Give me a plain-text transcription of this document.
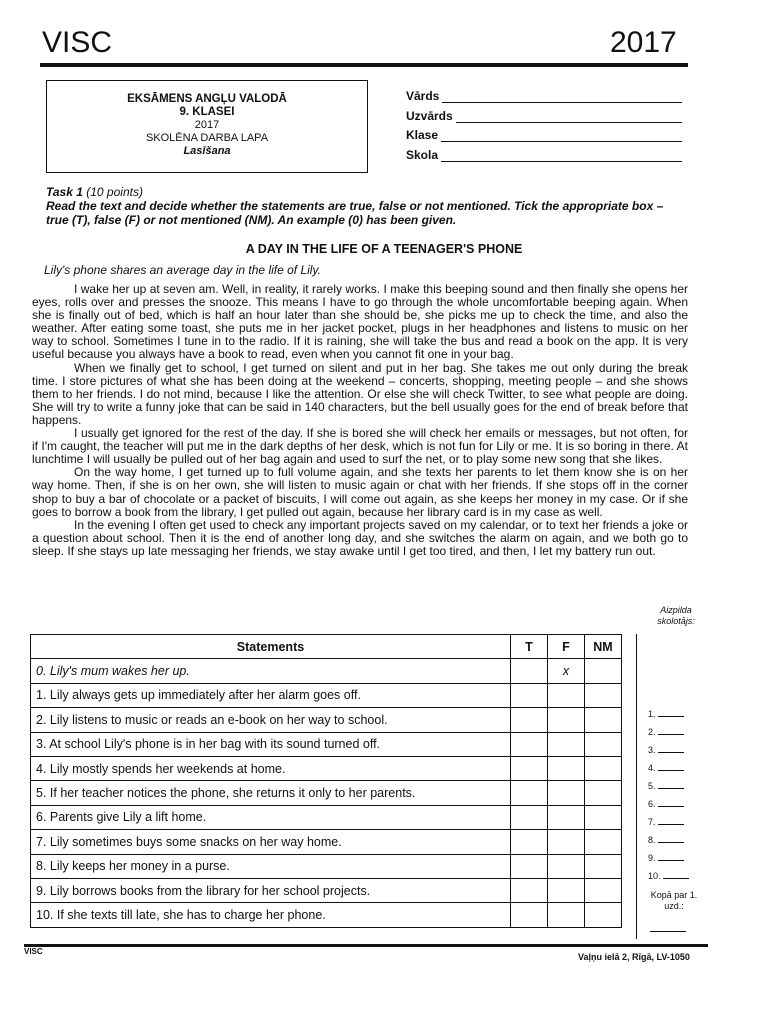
VISC	2017
EKSĀMENS ANGĻU VALODĀ
9. KLASEI
2017
SKOLĒNA DARBA LAPA
Lasīšana
Vārds
Uzvārds
Klase
Skola
Task 1 (10 points)
Read the text and decide whether the statements are true, false or not mentioned. Tick the appropriate box – true (T), false (F) or not mentioned (NM). An example (0) has been given.
A DAY IN THE LIFE OF A TEENAGER'S PHONE
Lily's phone shares an average day in the life of Lily.

I wake her up at seven am. Well, in reality, it rarely works. I make this beeping sound and then finally she opens her eyes, rolls over and presses the snooze. This means I have to go through the whole uncomfortable beeping again. When she is finally out of bed, which is half an hour later than she should be, she picks me up to check the time, and also the weather. After eating some toast, she puts me in her jacket pocket, plugs in her headphones and listens to music on her way to school. Sometimes I tune in to the radio. If it is raining, she will take the bus and read a book on the app. It is very useful because you always have a book to read, even when you cannot fit one in your bag.

When we finally get to school, I get turned on silent and put in her bag. She takes me out only during the break time. I store pictures of what she has been doing at the weekend – concerts, shopping, meeting people – and she shows them to her friends. I do not mind, because I like the attention. Or else she will check Twitter, to see what people are doing. She will try to write a funny joke that can be said in 140 characters, but the bell usually goes for the end of break before that happens.

I usually get ignored for the rest of the day. If she is bored she will check her emails or messages, but not often, for if I'm caught, the teacher will put me in the dark depths of her desk, which is not fun for Lily or me. It is so boring in there. At lunchtime I will usually be pulled out of her bag again and used to surf the net, or to play some new song that she likes.

On the way home, I get turned up to full volume again, and she texts her parents to let them know she is on her way home. Then, if she is on her own, she will listen to music again or chat with her friends. If she stops off in the corner shop to buy a bar of chocolate or a packet of biscuits, I will come out again, as she keeps her money in my case. Or if she goes to borrow a book from the library, I get pulled out again, because her library card is in my case as well.

In the evening I often get used to check any important projects saved on my calendar, or to text her friends a joke or a question about school. Then it is the end of another long day, and she switches the alarm on again, and we both go to sleep. If she stays up late messaging her friends, we stay awake until I get too tired, and then, I let my battery run out.

Aizpilda skolotājs:
Statements	T	F	NM
0. Lily's mum wakes her up.		x	
1. Lily always gets up immediately after her alarm goes off.			
2. Lily listens to music or reads an e-book on her way to school.			
3. At school Lily's phone is in her bag with its sound turned off.			
4. Lily mostly spends her weekends at home.			
5. If her teacher notices the phone, she returns it only to her parents.			
6. Parents give Lily a lift home.			
7. Lily sometimes buys some snacks on her way home.			
8. Lily keeps her money in a purse.			
9. Lily borrows books from the library for her school projects.			
10. If she texts till late, she has to charge her phone.			
1.
2.
3.
4.
5.
6.
7.
8.
9.
10.
Kopā par 1. uzd.:
VISC
Vaļņu ielā 2, Rīgā, LV-1050
